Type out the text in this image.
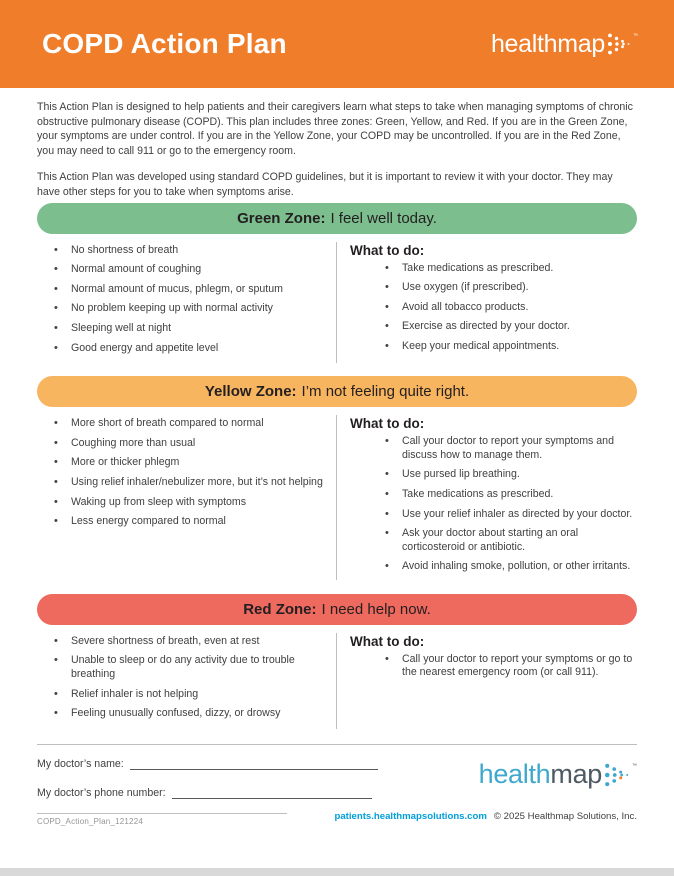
COPD Action Plan	health map	™

This Action Plan is designed to help patients and their caregivers learn what steps to take when managing symptoms of chronic obstructive pulmonary disease (COPD). This plan includes three zones: Green, Yellow, and Red. If you are in the Green Zone, your symptoms are under control. If you are in the Yellow Zone, your COPD may be uncontrolled. If you are in the Red Zone, you may need to call 911 or go to the emergency room.

This Action Plan was developed using standard COPD guidelines, but it is important to review it with your doctor. They may have other steps for you to take when symptoms arise.

Green Zone: I feel well today.
• No shortness of breath
• Normal amount of coughing
• Normal amount of mucus, phlegm, or sputum
• No problem keeping up with normal activity
• Sleeping well at night
• Good energy and appetite level
What to do:
• Take medications as prescribed.
• Use oxygen (if prescribed).
• Avoid all tobacco products.
• Exercise as directed by your doctor.
• Keep your medical appointments.
Yellow Zone: I’m not feeling quite right.
• More short of breath compared to normal
• Coughing more than usual
• More or thicker phlegm
• Using relief inhaler/nebulizer more, but it’s not helping
• Waking up from sleep with symptoms
• Less energy compared to normal
What to do:
• Call your doctor to report your symptoms and discuss how to manage them.
• Use pursed lip breathing.
• Take medications as prescribed.
• Use your relief inhaler as directed by your doctor.
• Ask your doctor about starting an oral corticosteroid or antibiotic.
• Avoid inhaling smoke, pollution, or other irritants.
Red Zone: I need help now.
• Severe shortness of breath, even at rest
• Unable to sleep or do any activity due to trouble breathing
• Relief inhaler is not helping
• Feeling unusually confused, dizzy, or drowsy
What to do:
• Call your doctor to report your symptoms or go to the nearest emergency room (or call 911).
My doctor’s name:
My doctor’s phone number:
health map	™
COPD_Action_Plan_121224	patients.healthmapsolutions.com © 2025 Healthmap Solutions, Inc.
